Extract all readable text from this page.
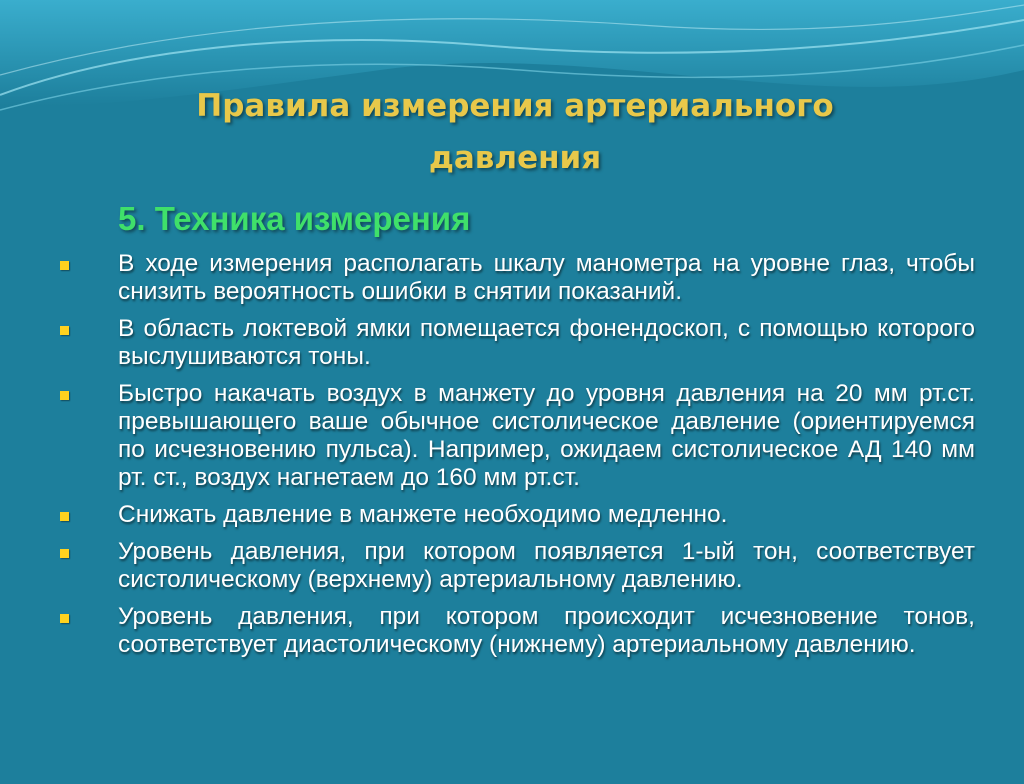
Правила измерения артериального давления
5. Техника измерения
В ходе измерения располагать шкалу манометра на уровне глаз, чтобы снизить вероятность ошибки в снятии показаний.
В область локтевой ямки помещается фонендоскоп, с помощью которого выслушиваются тоны.
Быстро накачать воздух в манжету до уровня давления на 20 мм рт.ст. превышающего ваше обычное систолическое давление (ориентируемся по исчезновению пульса). Например, ожидаем систолическое АД 140 мм рт. ст., воздух нагнетаем до 160 мм рт.ст.
Снижать давление в манжете необходимо медленно.
Уровень давления, при котором появляется 1-ый тон, соответствует систолическому (верхнему) артериальному давлению.
Уровень давления, при котором происходит исчезновение тонов, соответствует диастолическому (нижнему) артериальному давлению.
